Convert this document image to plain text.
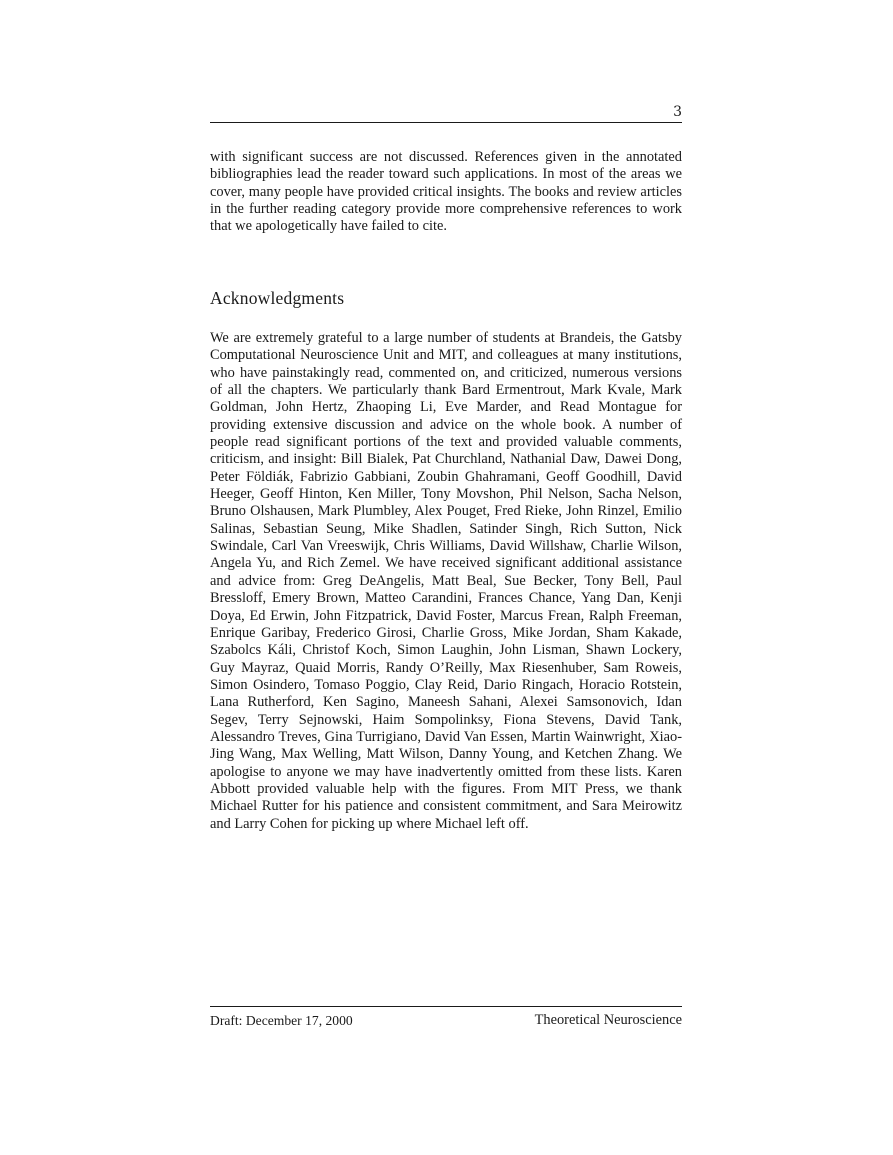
3

with significant success are not discussed. References given in the annotated bibliographies lead the reader toward such applications. In most of the areas we cover, many people have provided critical insights. The books and review articles in the further reading category provide more comprehensive references to work that we apologetically have failed to cite.

Acknowledgments

We are extremely grateful to a large number of students at Brandeis, the Gatsby Computational Neuroscience Unit and MIT, and colleagues at many institutions, who have painstakingly read, commented on, and criticized, numerous versions of all the chapters. We particularly thank Bard Ermentrout, Mark Kvale, Mark Goldman, John Hertz, Zhaoping Li, Eve Marder, and Read Montague for providing extensive discussion and advice on the whole book. A number of people read significant portions of the text and provided valuable comments, criticism, and insight: Bill Bialek, Pat Churchland, Nathanial Daw, Dawei Dong, Peter Földiák, Fabrizio Gabbiani, Zoubin Ghahramani, Geoff Goodhill, David Heeger, Geoff Hinton, Ken Miller, Tony Movshon, Phil Nelson, Sacha Nelson, Bruno Olshausen, Mark Plumbley, Alex Pouget, Fred Rieke, John Rinzel, Emilio Salinas, Sebastian Seung, Mike Shadlen, Satinder Singh, Rich Sutton, Nick Swindale, Carl Van Vreeswijk, Chris Williams, David Willshaw, Charlie Wilson, Angela Yu, and Rich Zemel. We have received significant additional assistance and advice from: Greg DeAngelis, Matt Beal, Sue Becker, Tony Bell, Paul Bressloff, Emery Brown, Matteo Carandini, Frances Chance, Yang Dan, Kenji Doya, Ed Erwin, John Fitzpatrick, David Foster, Marcus Frean, Ralph Freeman, Enrique Garibay, Frederico Girosi, Charlie Gross, Mike Jordan, Sham Kakade, Szabolcs Káli, Christof Koch, Simon Laughin, John Lisman, Shawn Lockery, Guy Mayraz, Quaid Morris, Randy O’Reilly, Max Riesenhuber, Sam Roweis, Simon Osindero, Tomaso Poggio, Clay Reid, Dario Ringach, Horacio Rotstein, Lana Rutherford, Ken Sagino, Maneesh Sahani, Alexei Samsonovich, Idan Segev, Terry Sejnowski, Haim Sompolinksy, Fiona Stevens, David Tank, Alessandro Treves, Gina Turrigiano, David Van Essen, Martin Wainwright, Xiao-Jing Wang, Max Welling, Matt Wilson, Danny Young, and Ketchen Zhang. We apologise to anyone we may have inadvertently omitted from these lists. Karen Abbott provided valuable help with the figures. From MIT Press, we thank Michael Rutter for his patience and consistent commitment, and Sara Meirowitz and Larry Cohen for picking up where Michael left off.

Draft: December 17, 2000	Theoretical Neuroscience
